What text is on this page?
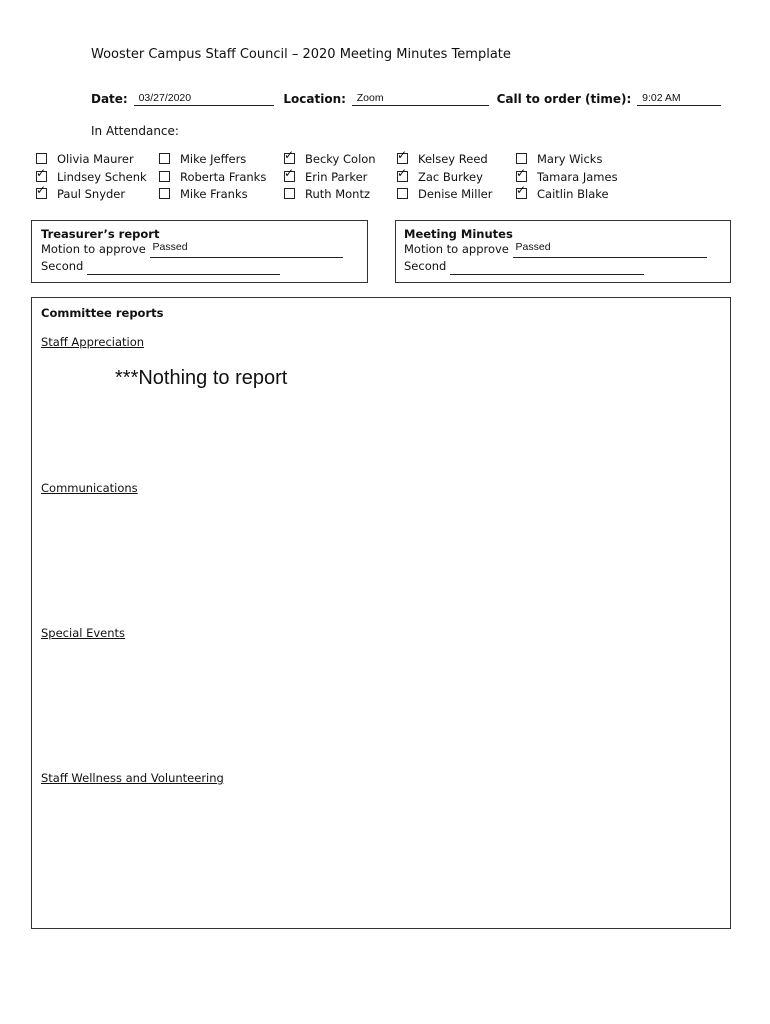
Wooster Campus Staff Council – 2020 Meeting Minutes Template
Date: 03/27/2020	Location: Zoom	Call to order (time): 9:02 AM
In Attendance:
Olivia Maurer
✓ Lindsey Schenk
✓ Paul Snyder
Mike Jeffers
Roberta Franks
Mike Franks
✓ Becky Colon
✓ Erin Parker
Ruth Montz
✓ Kelsey Reed
✓ Zac Burkey
Denise Miller
Mary Wicks
✓ Tamara James
✓ Caitlin Blake
Treasurer’s report
Motion to approve Passed
Second
Meeting Minutes
Motion to approve Passed
Second
Committee reports
Staff Appreciation
***Nothing to report
Communications
Special Events
Staff Wellness and Volunteering
